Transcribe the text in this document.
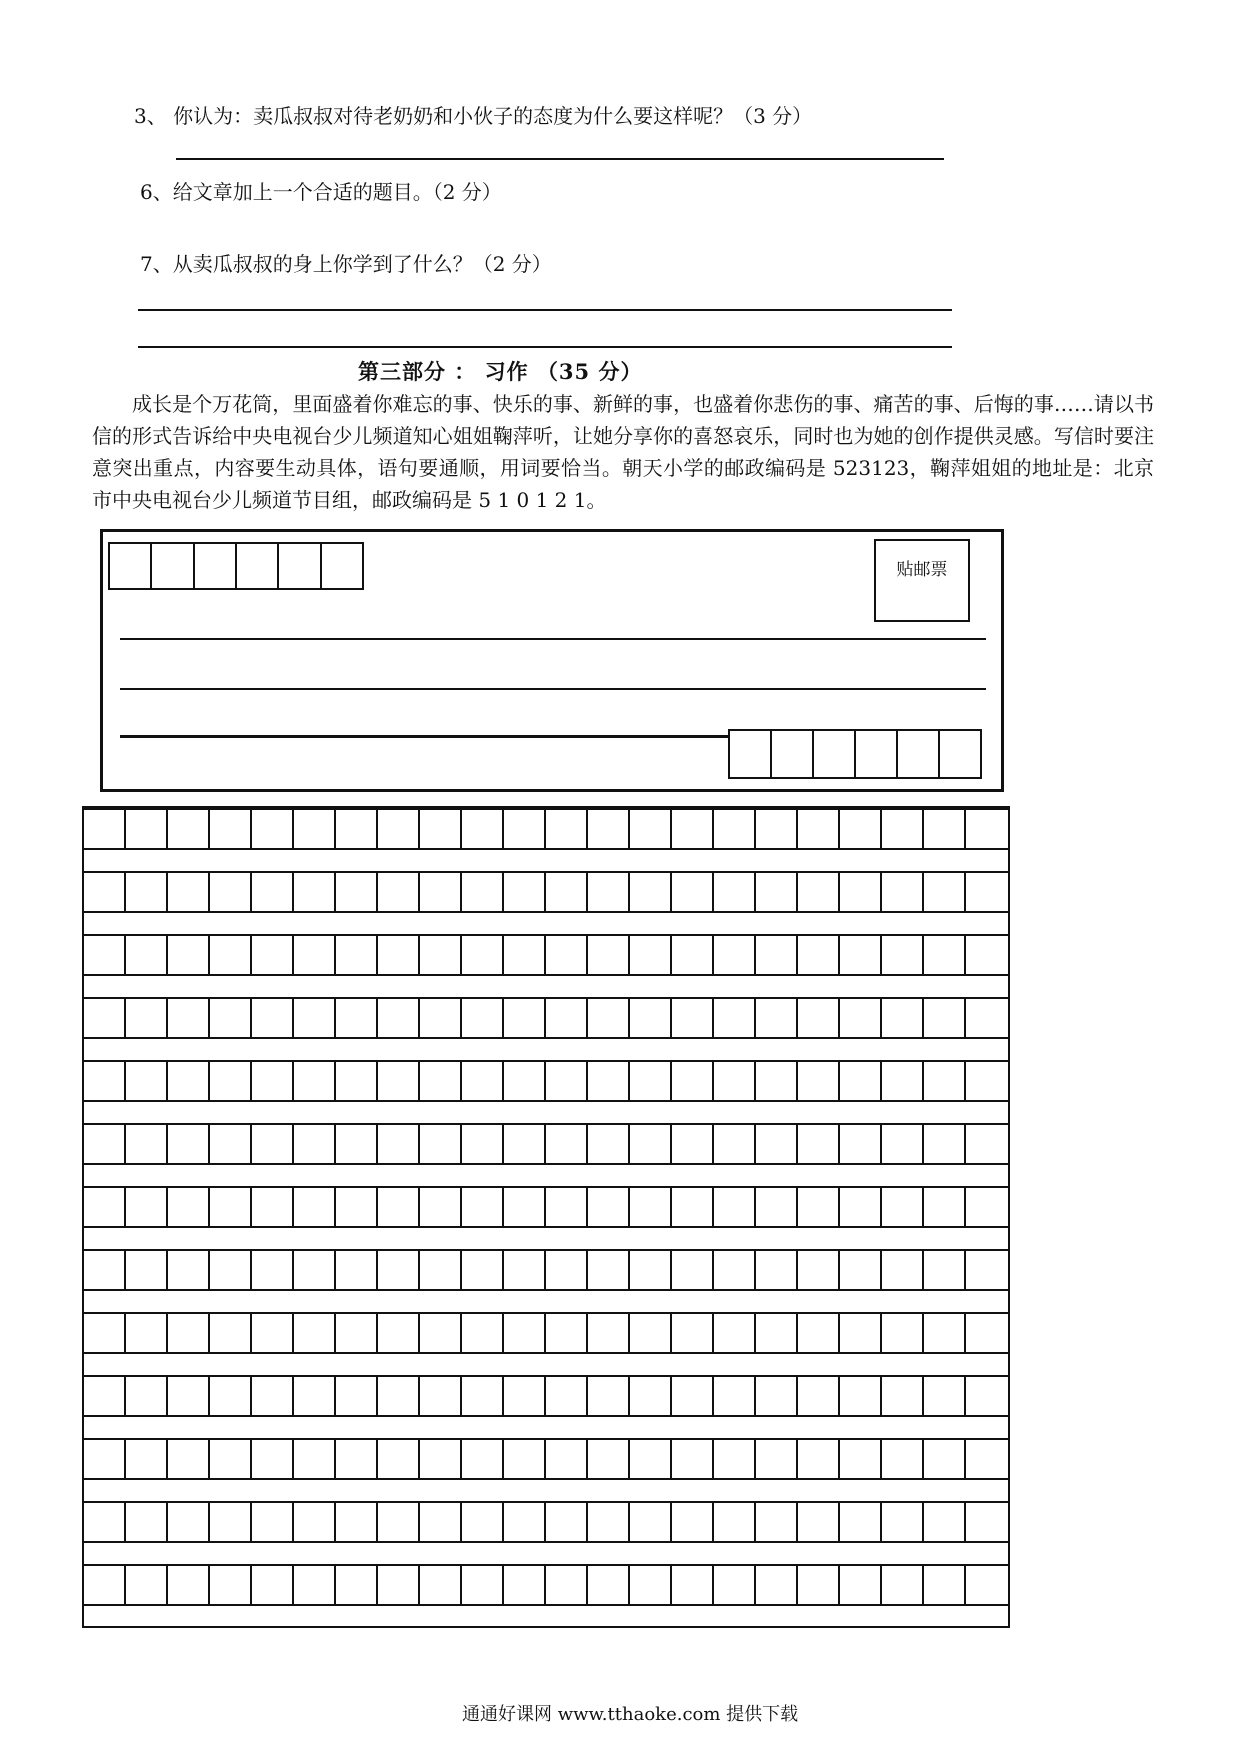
3、 你认为：卖瓜叔叔对待老奶奶和小伙子的态度为什么要这样呢？（3 分）
6、给文章加上一个合适的题目。（2 分）
7、从卖瓜叔叔的身上你学到了什么？（2 分）
第三部分 ： 习作 （35 分）
成长是个万花筒，里面盛着你难忘的事、快乐的事、新鲜的事，也盛着你悲伤的事、痛苦的事、后悔的事……请以书信的形式告诉给中央电视台少儿频道知心姐姐鞠萍听，让她分享你的喜怒哀乐，同时也为她的创作提供灵感。写信时要注意突出重点，内容要生动具体，语句要通顺，用词要恰当。朝天小学的邮政编码是 523123，鞠萍姐姐的地址是：北京市中央电视台少儿频道节目组，邮政编码是 5 1 0 1 2 1。
贴邮票
通通好课网 www.tthaoke.com 提供下载
